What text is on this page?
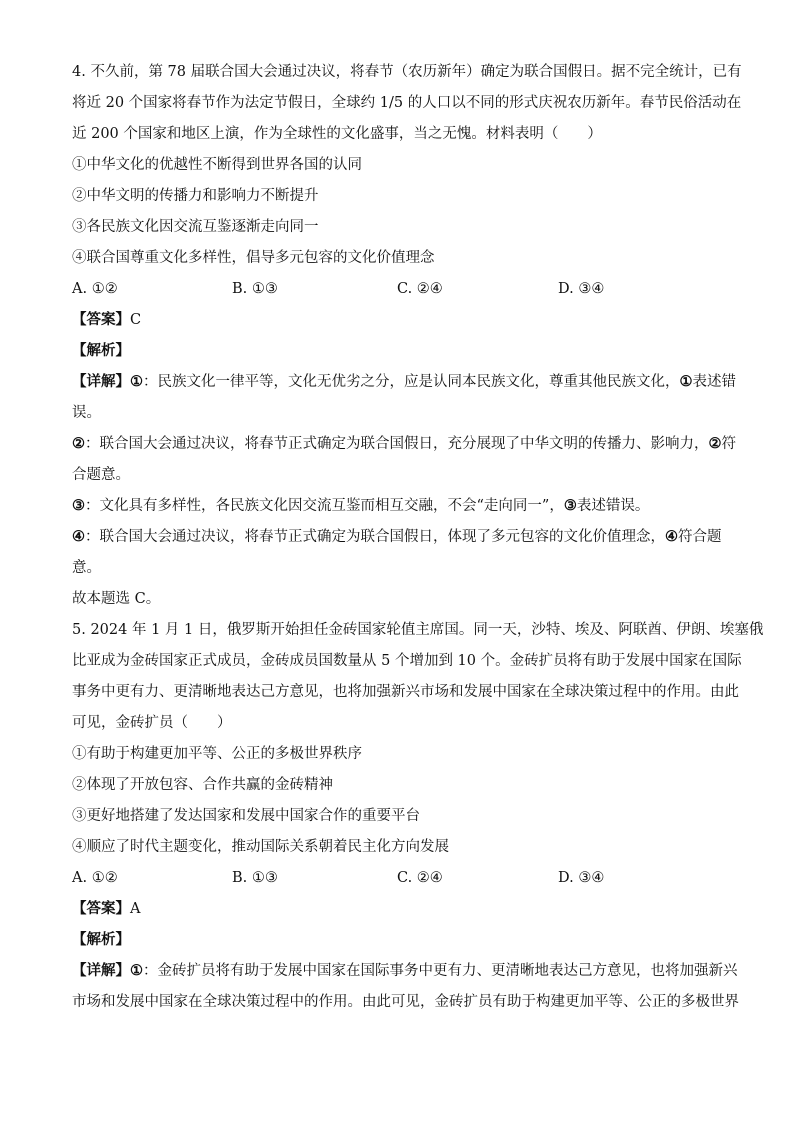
4. 不久前，第 78 届联合国大会通过决议，将春节（农历新年）确定为联合国假日。据不完全统计，已有
将近 20 个国家将春节作为法定节假日，全球约 1/5 的人口以不同的形式庆祝农历新年。春节民俗活动在
近 200 个国家和地区上演，作为全球性的文化盛事，当之无愧。材料表明（　　）
①中华文化的优越性不断得到世界各国的认同
②中华文明的传播力和影响力不断提升
③各民族文化因交流互鉴逐渐走向同一
④联合国尊重文化多样性，倡导多元包容的文化价值理念
A. ①②	B. ①③	C. ②④	D. ③④
【答案】C
【解析】
【详解】①：民族文化一律平等，文化无优劣之分，应是认同本民族文化，尊重其他民族文化，①表述错
误。
②：联合国大会通过决议，将春节正式确定为联合国假日，充分展现了中华文明的传播力、影响力，②符
合题意。
③：文化具有多样性，各民族文化因交流互鉴而相互交融，不会“走向同一”，③表述错误。
④：联合国大会通过决议，将春节正式确定为联合国假日，体现了多元包容的文化价值理念，④符合题
意。
故本题选 C。
5. 2024 年 1 月 1 日，俄罗斯开始担任金砖国家轮值主席国。同一天，沙特、埃及、阿联酋、伊朗、埃塞俄
比亚成为金砖国家正式成员，金砖成员国数量从 5 个增加到 10 个。金砖扩员将有助于发展中国家在国际
事务中更有力、更清晰地表达己方意见，也将加强新兴市场和发展中国家在全球决策过程中的作用。由此
可见，金砖扩员（　　）
①有助于构建更加平等、公正的多极世界秩序
②体现了开放包容、合作共赢的金砖精神
③更好地搭建了发达国家和发展中国家合作的重要平台
④顺应了时代主题变化，推动国际关系朝着民主化方向发展
A. ①②	B. ①③	C. ②④	D. ③④
【答案】A
【解析】
【详解】①：金砖扩员将有助于发展中国家在国际事务中更有力、更清晰地表达己方意见，也将加强新兴
市场和发展中国家在全球决策过程中的作用。由此可见，金砖扩员有助于构建更加平等、公正的多极世界
